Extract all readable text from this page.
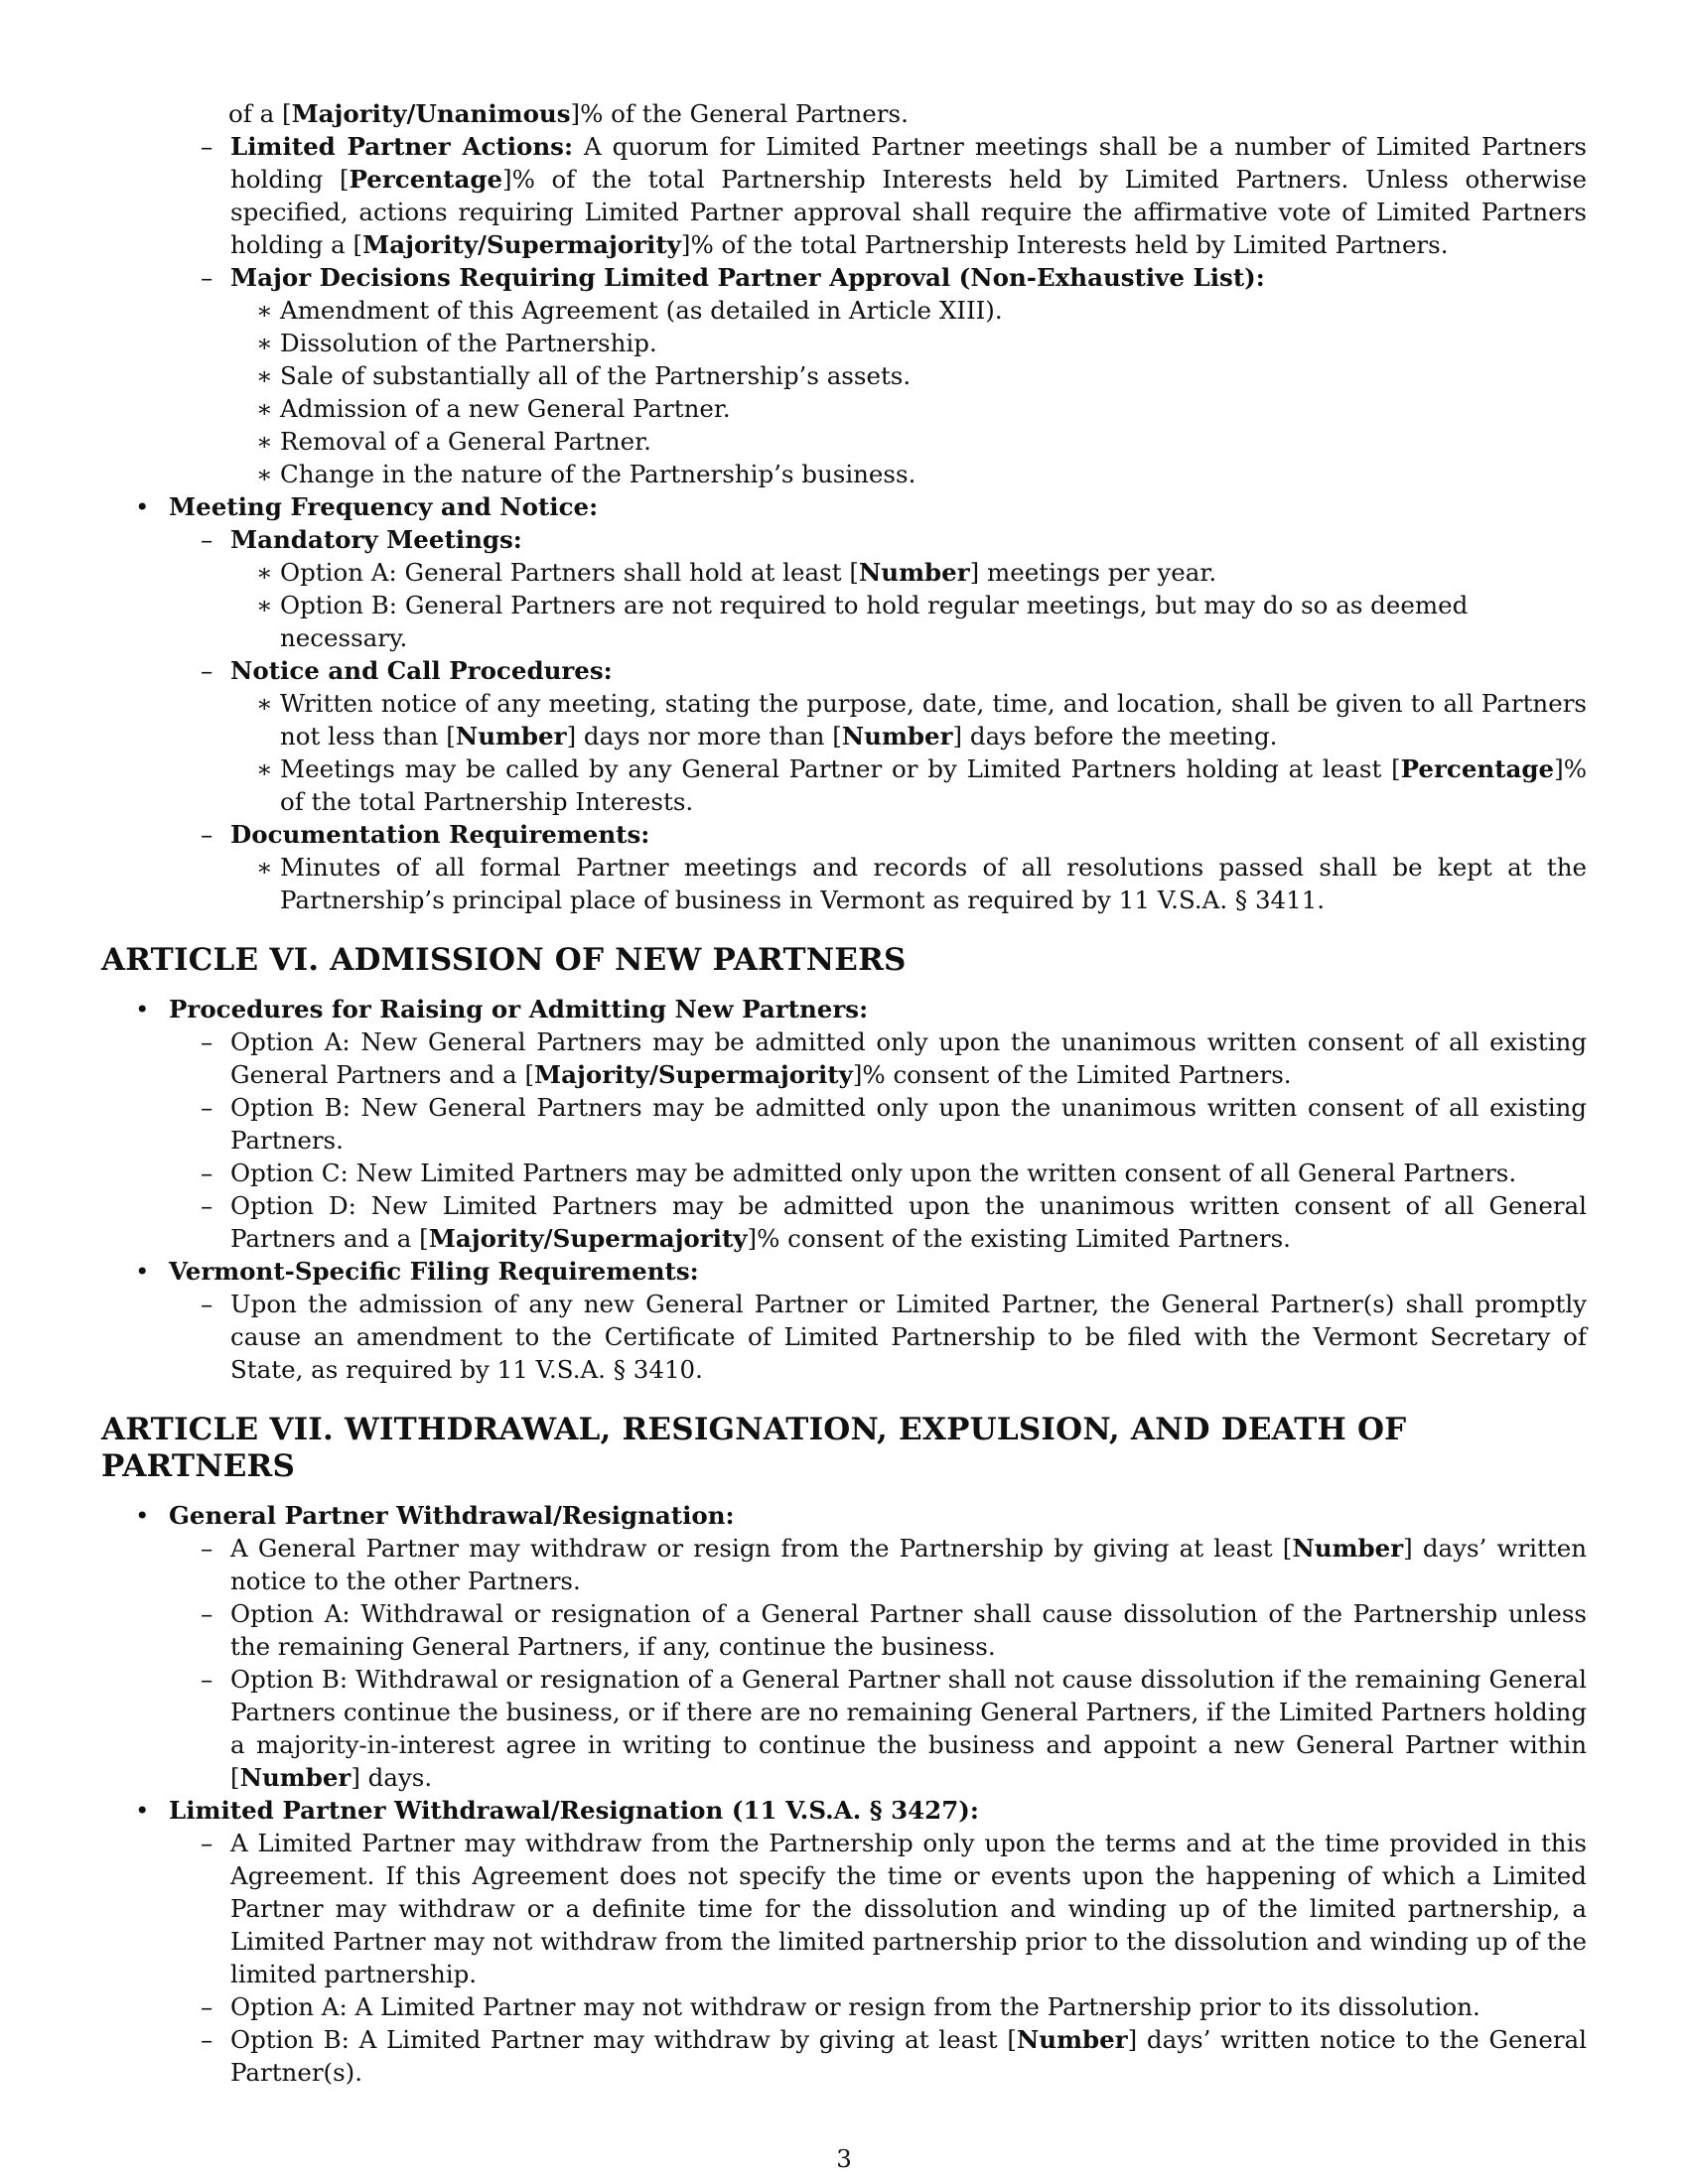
of a [Majority/Unanimous]% of the General Partners.
– Limited Partner Actions: A quorum for Limited Partner meetings shall be a number of Limited Partners holding [Percentage]% of the total Partnership Interests held by Limited Partners. Unless otherwise specified, actions requiring Limited Partner approval shall require the affirmative vote of Limited Partners holding a [Majority/Supermajority]% of the total Partnership Interests held by Limited Partners.
– Major Decisions Requiring Limited Partner Approval (Non-Exhaustive List):
∗ Amendment of this Agreement (as detailed in Article XIII).
∗ Dissolution of the Partnership.
∗ Sale of substantially all of the Partnership’s assets.
∗ Admission of a new General Partner.
∗ Removal of a General Partner.
∗ Change in the nature of the Partnership’s business.
• Meeting Frequency and Notice:
– Mandatory Meetings:
∗ Option A: General Partners shall hold at least [Number] meetings per year.
∗ Option B: General Partners are not required to hold regular meetings, but may do so as deemed necessary.
– Notice and Call Procedures:
∗ Written notice of any meeting, stating the purpose, date, time, and location, shall be given to all Partners not less than [Number] days nor more than [Number] days before the meeting.
∗ Meetings may be called by any General Partner or by Limited Partners holding at least [Percentage]% of the total Partnership Interests.
– Documentation Requirements:
∗ Minutes of all formal Partner meetings and records of all resolutions passed shall be kept at the Partnership’s principal place of business in Vermont as required by 11 V.S.A. § 3411.
ARTICLE VI. ADMISSION OF NEW PARTNERS
• Procedures for Raising or Admitting New Partners:
– Option A: New General Partners may be admitted only upon the unanimous written consent of all existing General Partners and a [Majority/Supermajority]% consent of the Limited Partners.
– Option B: New General Partners may be admitted only upon the unanimous written consent of all existing Partners.
– Option C: New Limited Partners may be admitted only upon the written consent of all General Partners.
– Option D: New Limited Partners may be admitted upon the unanimous written consent of all General Partners and a [Majority/Supermajority]% consent of the existing Limited Partners.
• Vermont-Specific Filing Requirements:
– Upon the admission of any new General Partner or Limited Partner, the General Partner(s) shall promptly cause an amendment to the Certificate of Limited Partnership to be filed with the Vermont Secretary of State, as required by 11 V.S.A. § 3410.
ARTICLE VII. WITHDRAWAL, RESIGNATION, EXPULSION, AND DEATH OF PARTNERS
• General Partner Withdrawal/Resignation:
– A General Partner may withdraw or resign from the Partnership by giving at least [Number] days’ written notice to the other Partners.
– Option A: Withdrawal or resignation of a General Partner shall cause dissolution of the Partnership unless the remaining General Partners, if any, continue the business.
– Option B: Withdrawal or resignation of a General Partner shall not cause dissolution if the remaining General Partners continue the business, or if there are no remaining General Partners, if the Limited Partners holding a majority-in-interest agree in writing to continue the business and appoint a new General Partner within [Number] days.
• Limited Partner Withdrawal/Resignation (11 V.S.A. § 3427):
– A Limited Partner may withdraw from the Partnership only upon the terms and at the time provided in this Agreement. If this Agreement does not specify the time or events upon the happening of which a Limited Partner may withdraw or a definite time for the dissolution and winding up of the limited partnership, a Limited Partner may not withdraw from the limited partnership prior to the dissolution and winding up of the limited partnership.
– Option A: A Limited Partner may not withdraw or resign from the Partnership prior to its dissolution.
– Option B: A Limited Partner may withdraw by giving at least [Number] days’ written notice to the General Partner(s).
3
